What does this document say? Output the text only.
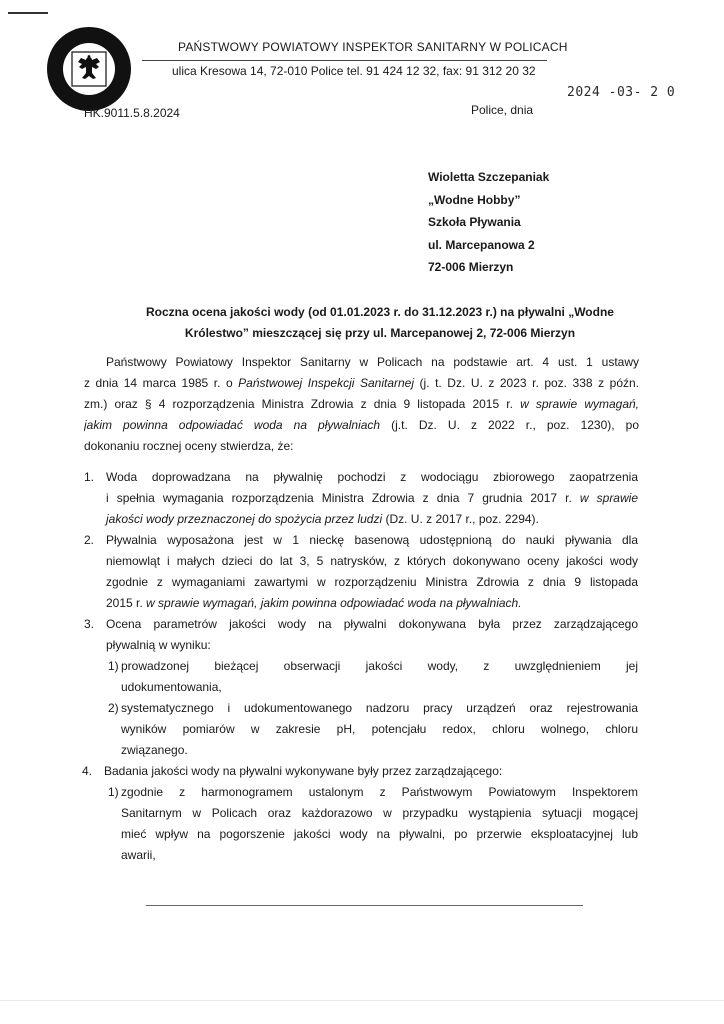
PAŃSTWOWY POWIATOWY INSPEKTOR SANITARNY W POLICACH
ulica Kresowa 14, 72-010 Police tel. 91 424 12 32, fax: 91 312 20 32
HK.9011.5.8.2024
2024 -03- 2 0
Police, dnia
Wioletta Szczepaniak
„Wodne Hobby”
Szkoła Pływania
ul. Marcepanowa 2
72-006 Mierzyn
Roczna ocena jakości wody (od 01.01.2023 r. do 31.12.2023 r.) na pływalni „Wodne
Królestwo” mieszczącej się przy ul. Marcepanowej 2, 72-006 Mierzyn
Państwowy Powiatowy Inspektor Sanitarny w Policach na podstawie art. 4 ust. 1 ustawy
z dnia 14 marca 1985 r. o Państwowej Inspekcji Sanitarnej (j. t. Dz. U. z 2023 r. poz. 338 z późn.
zm.) oraz § 4 rozporządzenia Ministra Zdrowia z dnia 9 listopada 2015 r. w sprawie wymagań,
jakim powinna odpowiadać woda na pływalniach (j.t. Dz. U. z 2022 r., poz. 1230), po
dokonaniu rocznej oceny stwierdza, że:
1. Woda doprowadzana na pływalnię pochodzi z wodociągu zbiorowego zaopatrzenia
i spełnia wymagania rozporządzenia Ministra Zdrowia z dnia 7 grudnia 2017 r. w sprawie
jakości wody przeznaczonej do spożycia przez ludzi (Dz. U. z 2017 r., poz. 2294).
2. Pływalnia wyposażona jest w 1 nieckę basenową udostępnioną do nauki pływania dla
niemowląt i małych dzieci do lat 3, 5 natrysków, z których dokonywano oceny jakości wody
zgodnie z wymaganiami zawartymi w rozporządzeniu Ministra Zdrowia z dnia 9 listopada
2015 r. w sprawie wymagań, jakim powinna odpowiadać woda na pływalniach.
3. Ocena parametrów jakości wody na pływalni dokonywana była przez zarządzającego
pływalnią w wyniku:
1) prowadzonej bieżącej obserwacji jakości wody, z uwzględnieniem jej
udokumentowania,
2) systematycznego i udokumentowanego nadzoru pracy urządzeń oraz rejestrowania
wyników pomiarów w zakresie pH, potencjału redox, chloru wolnego, chloru
związanego.
4. Badania jakości wody na pływalni wykonywane były przez zarządzającego:
1) zgodnie z harmonogramem ustalonym z Państwowym Powiatowym Inspektorem
Sanitarnym w Policach oraz każdorazowo w przypadku wystąpienia sytuacji mogącej
mieć wpływ na pogorszenie jakości wody na pływalni, po przerwie eksploatacyjnej lub
awarii,
